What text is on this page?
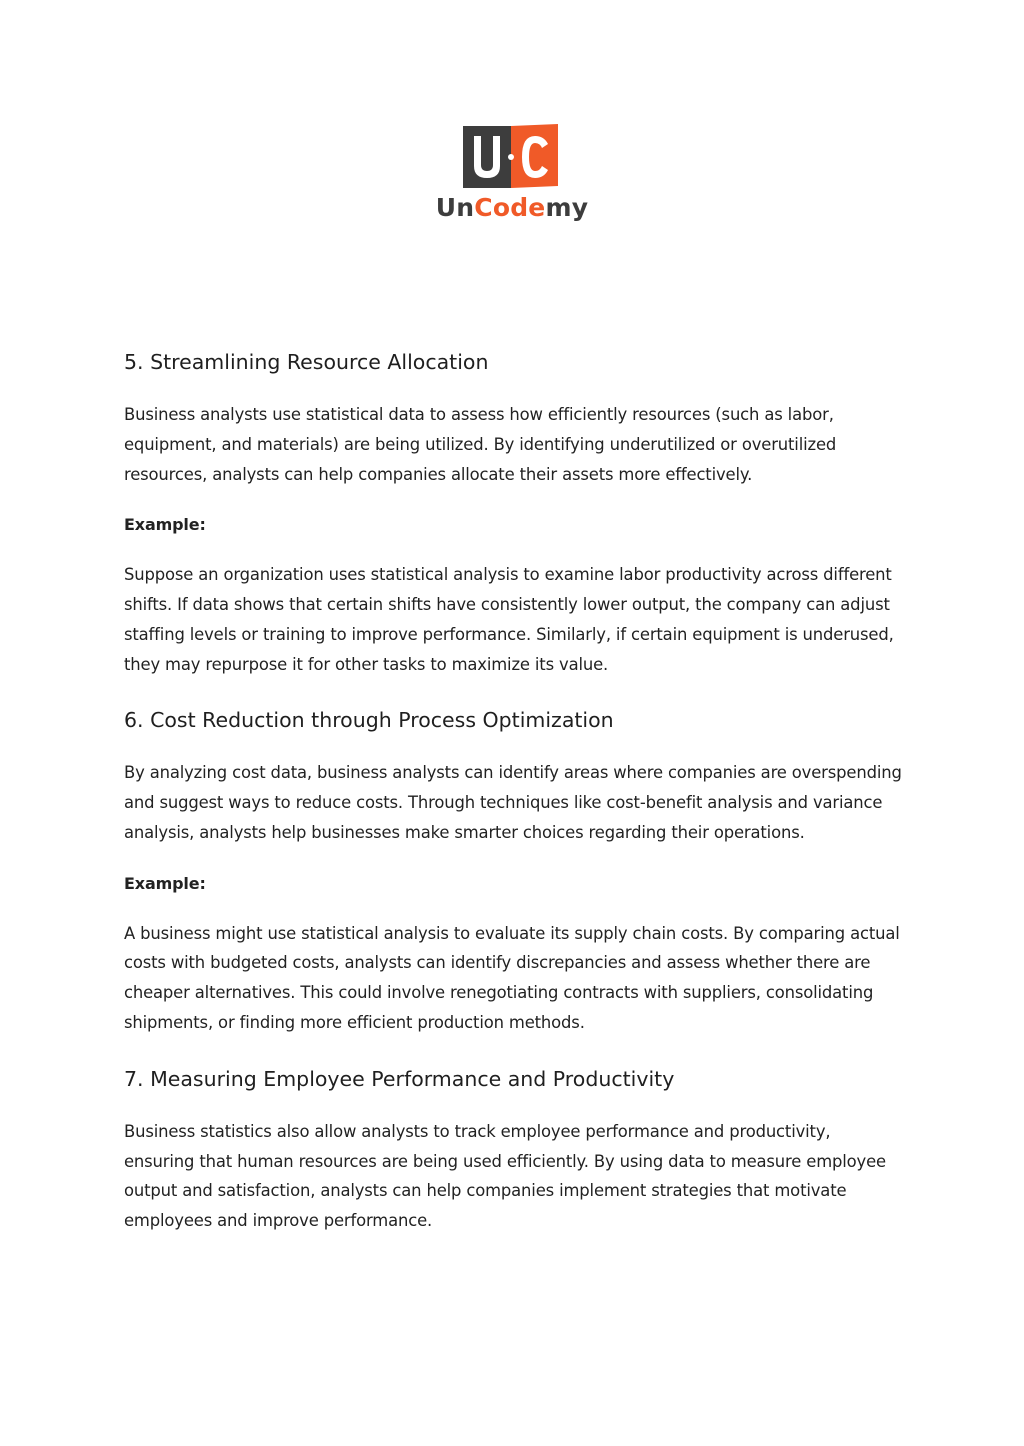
UnCodemy
5. Streamlining Resource Allocation

Business analysts use statistical data to assess how efficiently resources (such as labor, equipment, and materials) are being utilized. By identifying underutilized or overutilized resources, analysts can help companies allocate their assets more effectively.

Example:

Suppose an organization uses statistical analysis to examine labor productivity across different shifts. If data shows that certain shifts have consistently lower output, the company can adjust staffing levels or training to improve performance. Similarly, if certain equipment is underused, they may repurpose it for other tasks to maximize its value.

6. Cost Reduction through Process Optimization

By analyzing cost data, business analysts can identify areas where companies are overspending and suggest ways to reduce costs. Through techniques like cost-benefit analysis and variance analysis, analysts help businesses make smarter choices regarding their operations.

Example:

A business might use statistical analysis to evaluate its supply chain costs. By comparing actual costs with budgeted costs, analysts can identify discrepancies and assess whether there are cheaper alternatives. This could involve renegotiating contracts with suppliers, consolidating shipments, or finding more efficient production methods.

7. Measuring Employee Performance and Productivity

Business statistics also allow analysts to track employee performance and productivity, ensuring that human resources are being used efficiently. By using data to measure employee output and satisfaction, analysts can help companies implement strategies that motivate employees and improve performance.
